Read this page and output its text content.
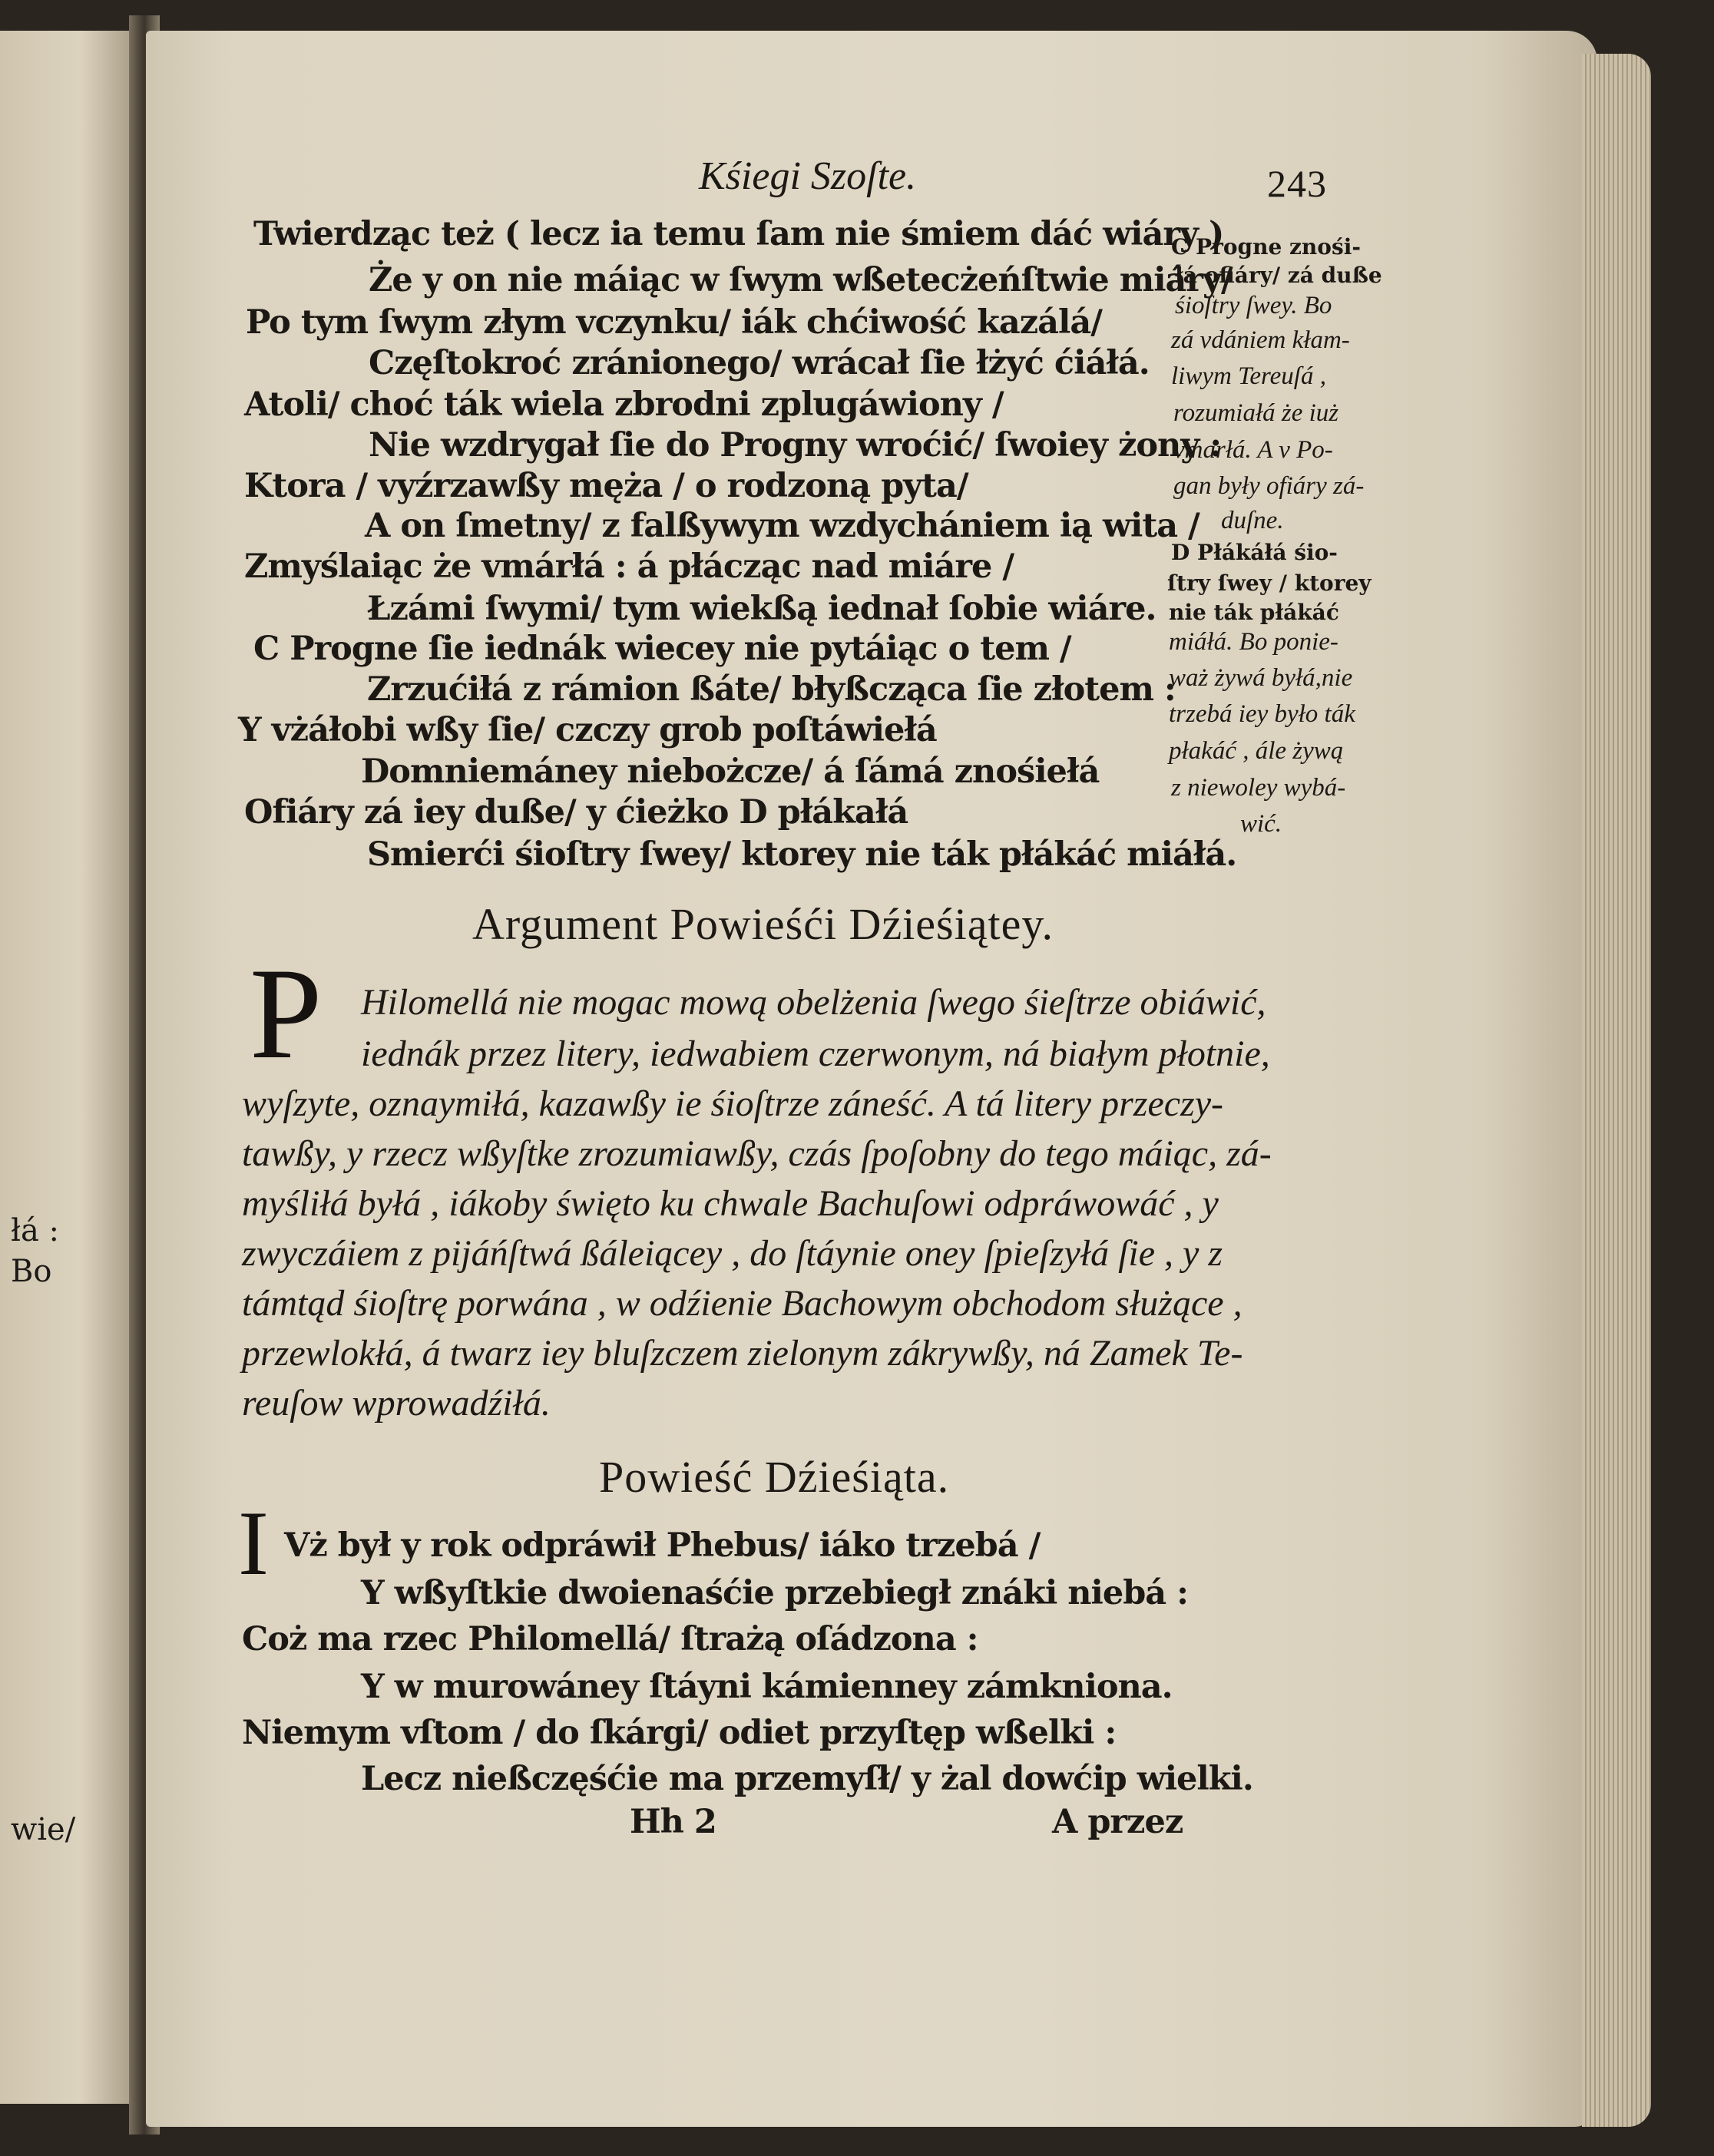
łá :
Bo
wie/
Kśiegi Szoſte.	243
Twierdząc też ( lecz ia temu ſam nie śmiem dáć wiáry )
Że y on nie máiąc w ſwym wßetecżeńſtwie miáry/
Po tym ſwym złym vczynku/ iák chćiwość kazálá/
Częſtokroć zránionego/ wrácał ſie łżyć ćiáłá.
Atoli/ choć ták wiela zbrodni zplugáwiony /
Nie wzdrygał ſie do Progny wroćić/ ſwoiey żony :
Ktora / vyźrzawßy męża / o rodzoną pyta/
A on ſmetny/ z falßywym wzdychániem ią wita /
Zmyślaiąc że vmárłá : á płácząc nad miáre /
Łzámi ſwymi/ tym wiekßą iednał ſobie wiáre.
C Progne ſie iednák wiecey nie pytáiąc o tem /
Zrzućiłá z rámion ßáte/ błyßcząca ſie złotem :
Y vżáłobi wßy ſie/ czczy grob poſtáwiełá
Domniemáney niebożcze/ á ſámá znośiełá
Ofiáry zá iey duße/ y ćieżko D płákałá
Smierći śioſtry ſwey/ ktorey nie ták płákáć miáłá.
C Progne znośi-
łá ofiáry/ zá duße
śioſtry ſwey. Bo
zá vdániem kłam-
liwym Tereuſá ,
rozumiałá że iuż
vmarłá. A v Po-
gan były ofiáry zá-
duſne.
D Płákáłá śio-
ſtry ſwey / ktorey
nie ták płákáć
miáłá. Bo ponie-
waż żywá byłá,nie
trzebá iey było ták
płakáć , ále żywą
z niewoley wybá-
wić.
Argument Powieśći Dźieśiątey.
P Hilomellá nie mogac mową obelżenia ſwego śieſtrze obiáwić,
iednák przez litery, iedwabiem czerwonym, ná białym płotnie,
wyſzyte, oznaymiłá, kazawßy ie śioſtrze záneść. A tá litery przeczy-
tawßy, y rzecz wßyſtke zrozumiawßy, czás ſpoſobny do tego máiąc, zá-
myśliłá byłá , iákoby święto ku chwale Bachuſowi odpráwowáć , y
zwyczáiem z pijáńſtwá ßáleiącey , do ſtáynie oney ſpieſzyłá ſie , y z
támtąd śioſtrę porwána , w odźienie Bachowym obchodom służące ,
przewlokłá, á twarz iey bluſzczem zielonym zákrywßy, ná Zamek Te-
reuſow wprowadźiłá.
Powieść Dźieśiąta.
I Vż był y rok odpráwił Phebus/ iáko trzebá /
Y wßyſtkie dwoienaśćie przebiegł znáki niebá :
Coż ma rzec Philomellá/ ſtrażą oſádzona :
Y w murowáney ſtáyni kámienney zámkniona.
Niemym vſtom / do ſkárgi/ odiet przyſtęp wßelki :
Lecz nießczęśćie ma przemyſł/ y żal dowćip wielki.
Hh 2	A przez
